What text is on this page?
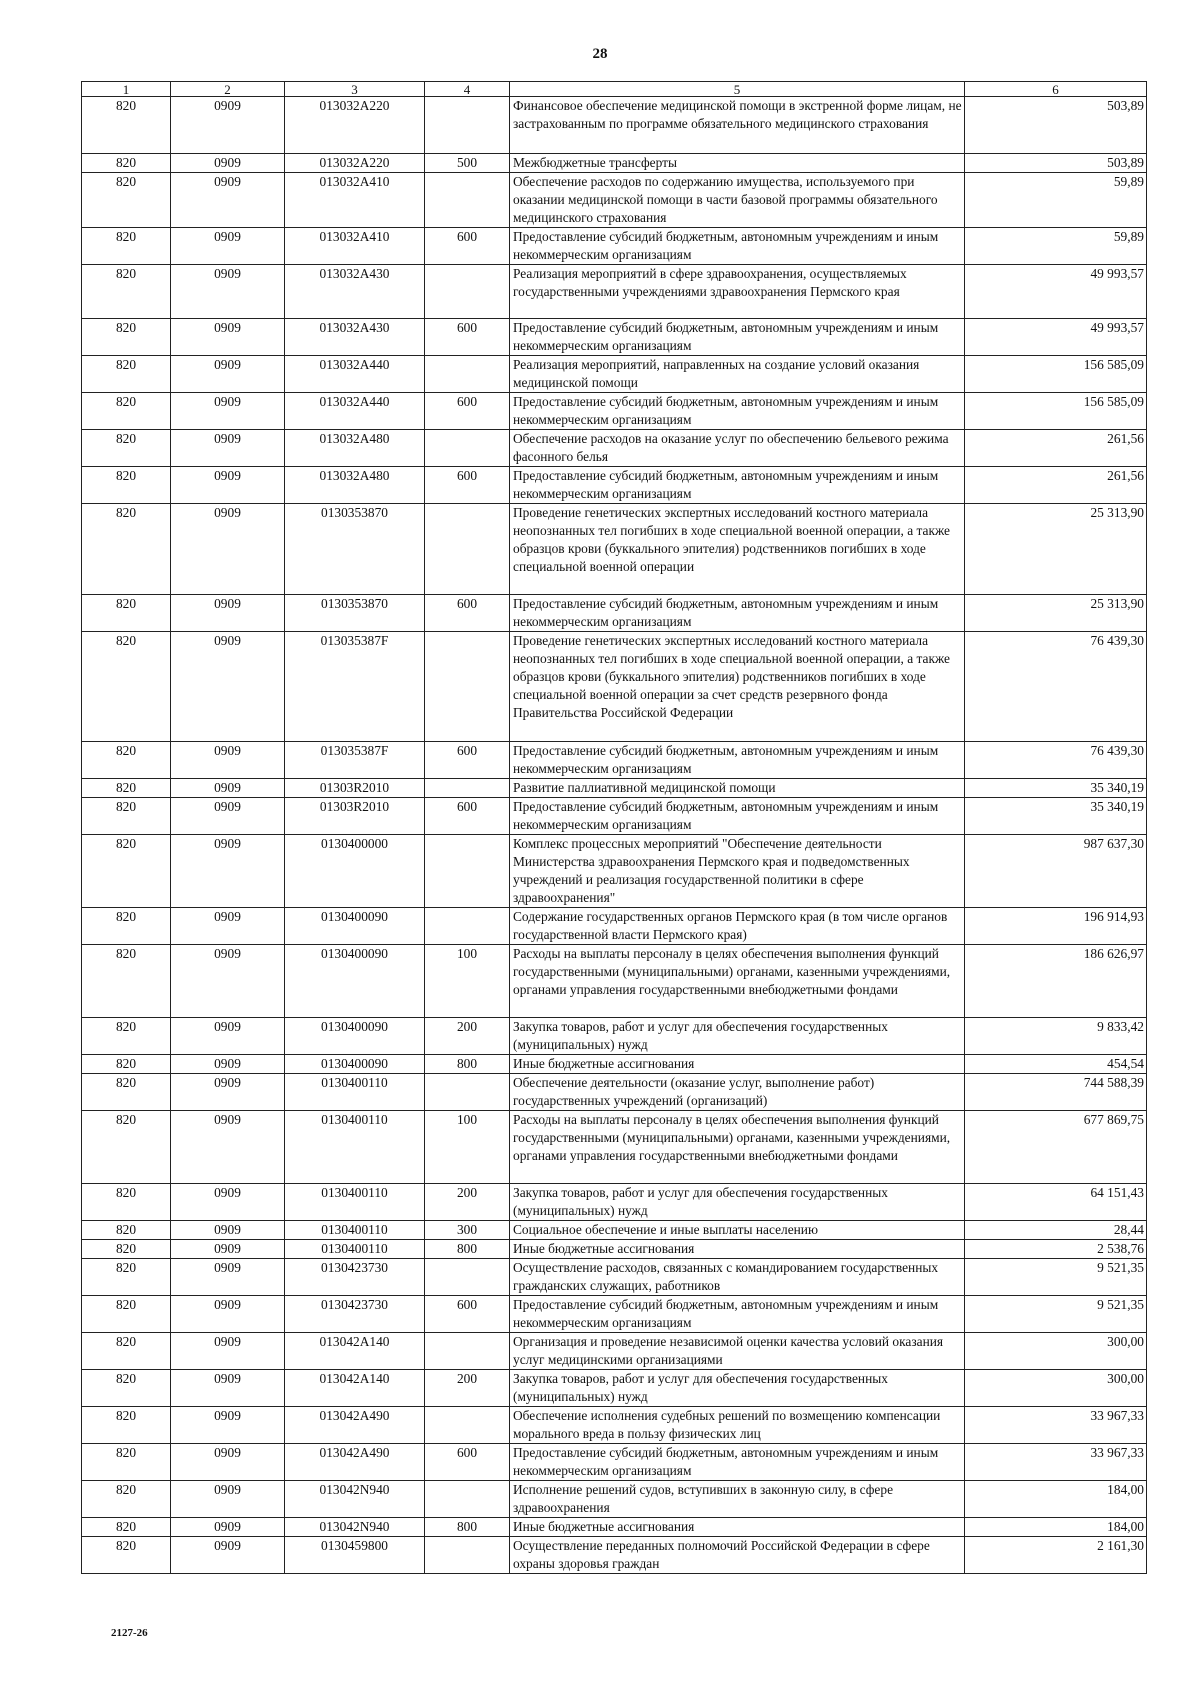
28
1	2	3	4	5	6
820	0909	013032А220		Финансовое обеспечение медицинской помощи в экстренной форме лицам, не застрахованным по программе обязательного медицинского страхования	503,89
820	0909	013032А220	500	Межбюджетные трансферты	503,89
820	0909	013032А410		Обеспечение расходов по содержанию имущества, используемого при оказании медицинской помощи в части базовой программы обязательного медицинского страхования	59,89
820	0909	013032А410	600	Предоставление субсидий бюджетным, автономным учреждениям и иным некоммерческим организациям	59,89
820	0909	013032А430		Реализация мероприятий в сфере здравоохранения, осуществляемых государственными учреждениями здравоохранения Пермского края	49 993,57
820	0909	013032А430	600	Предоставление субсидий бюджетным, автономным учреждениям и иным некоммерческим организациям	49 993,57
820	0909	013032А440		Реализация мероприятий, направленных на создание условий оказания медицинской помощи	156 585,09
820	0909	013032А440	600	Предоставление субсидий бюджетным, автономным учреждениям и иным некоммерческим организациям	156 585,09
820	0909	013032А480		Обеспечение расходов на оказание услуг по обеспечению бельевого режима фасонного белья	261,56
820	0909	013032А480	600	Предоставление субсидий бюджетным, автономным учреждениям и иным некоммерческим организациям	261,56
820	0909	0130353870		Проведение генетических экспертных исследований костного материала неопознанных тел погибших в ходе специальной военной операции, а также образцов крови (буккального эпителия) родственников погибших в ходе специальной военной операции	25 313,90
820	0909	0130353870	600	Предоставление субсидий бюджетным, автономным учреждениям и иным некоммерческим организациям	25 313,90
820	0909	013035387F		Проведение генетических экспертных исследований костного материала неопознанных тел погибших в ходе специальной военной операции, а также образцов крови (буккального эпителия) родственников погибших в ходе специальной военной операции за счет средств резервного фонда Правительства Российской Федерации	76 439,30
820	0909	013035387F	600	Предоставление субсидий бюджетным, автономным учреждениям и иным некоммерческим организациям	76 439,30
820	0909	01303R2010		Развитие паллиативной медицинской помощи	35 340,19
820	0909	01303R2010	600	Предоставление субсидий бюджетным, автономным учреждениям и иным некоммерческим организациям	35 340,19
820	0909	0130400000		Комплекс процессных мероприятий "Обеспечение деятельности Министерства здравоохранения Пермского края и подведомственных учреждений и реализация государственной политики в сфере здравоохранения"	987 637,30
820	0909	0130400090		Содержание государственных органов Пермского края (в том числе органов государственной власти Пермского края)	196 914,93
820	0909	0130400090	100	Расходы на выплаты персоналу в целях обеспечения выполнения функций государственными (муниципальными) органами, казенными учреждениями, органами управления государственными внебюджетными фондами	186 626,97
820	0909	0130400090	200	Закупка товаров, работ и услуг для обеспечения государственных (муниципальных) нужд	9 833,42
820	0909	0130400090	800	Иные бюджетные ассигнования	454,54
820	0909	0130400110		Обеспечение деятельности (оказание услуг, выполнение работ) государственных учреждений (организаций)	744 588,39
820	0909	0130400110	100	Расходы на выплаты персоналу в целях обеспечения выполнения функций государственными (муниципальными) органами, казенными учреждениями, органами управления государственными внебюджетными фондами	677 869,75
820	0909	0130400110	200	Закупка товаров, работ и услуг для обеспечения государственных (муниципальных) нужд	64 151,43
820	0909	0130400110	300	Социальное обеспечение и иные выплаты населению	28,44
820	0909	0130400110	800	Иные бюджетные ассигнования	2 538,76
820	0909	0130423730		Осуществление расходов, связанных с командированием государственных гражданских служащих, работников	9 521,35
820	0909	0130423730	600	Предоставление субсидий бюджетным, автономным учреждениям и иным некоммерческим организациям	9 521,35
820	0909	013042А140		Организация и проведение независимой оценки качества условий оказания услуг медицинскими организациями	300,00
820	0909	013042А140	200	Закупка товаров, работ и услуг для обеспечения государственных (муниципальных) нужд	300,00
820	0909	013042А490		Обеспечение исполнения судебных решений по возмещению компенсации морального вреда в пользу физических лиц	33 967,33
820	0909	013042А490	600	Предоставление субсидий бюджетным, автономным учреждениям и иным некоммерческим организациям	33 967,33
820	0909	013042N940		Исполнение решений судов, вступивших в законную силу, в сфере здравоохранения	184,00
820	0909	013042N940	800	Иные бюджетные ассигнования	184,00
820	0909	0130459800		Осуществление переданных полномочий Российской Федерации в сфере охраны здоровья граждан	2 161,30
2127-26
